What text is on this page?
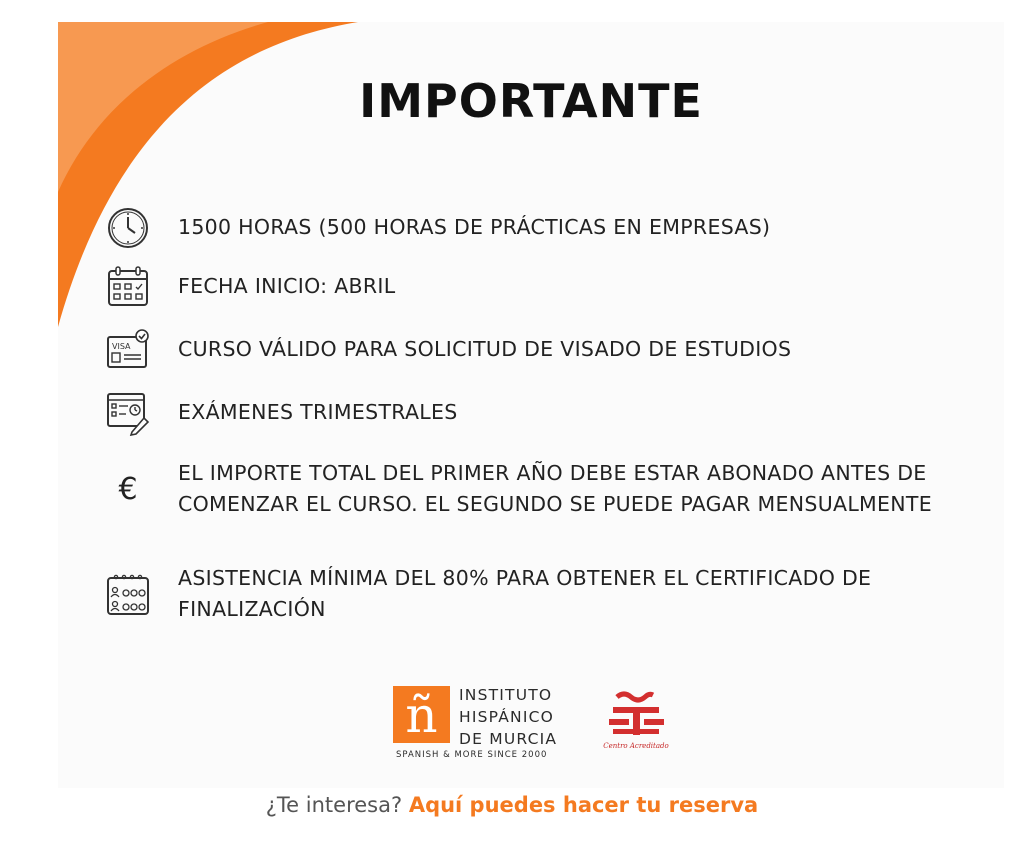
IMPORTANTE
1500 HORAS (500 HORAS DE PRÁCTICAS EN EMPRESAS)
FECHA INICIO: ABRIL
VISA CURSO VÁLIDO PARA SOLICITUD DE VISADO DE ESTUDIOS
EXÁMENES TRIMESTRALES
€ EL IMPORTE TOTAL DEL PRIMER AÑO DEBE ESTAR ABONADO ANTES DE
COMENZAR EL CURSO. EL SEGUNDO SE PUEDE PAGAR MENSUALMENTE
ASISTENCIA MÍNIMA DEL 80% PARA OBTENER EL CERTIFICADO DE
FINALIZACIÓN
ñ	INSTITUTO
HISPÁNICO
DE MURCIA
SPANISH & MORE SINCE 2000
Centro Acreditado
¿Te interesa? Aquí puedes hacer tu reserva
